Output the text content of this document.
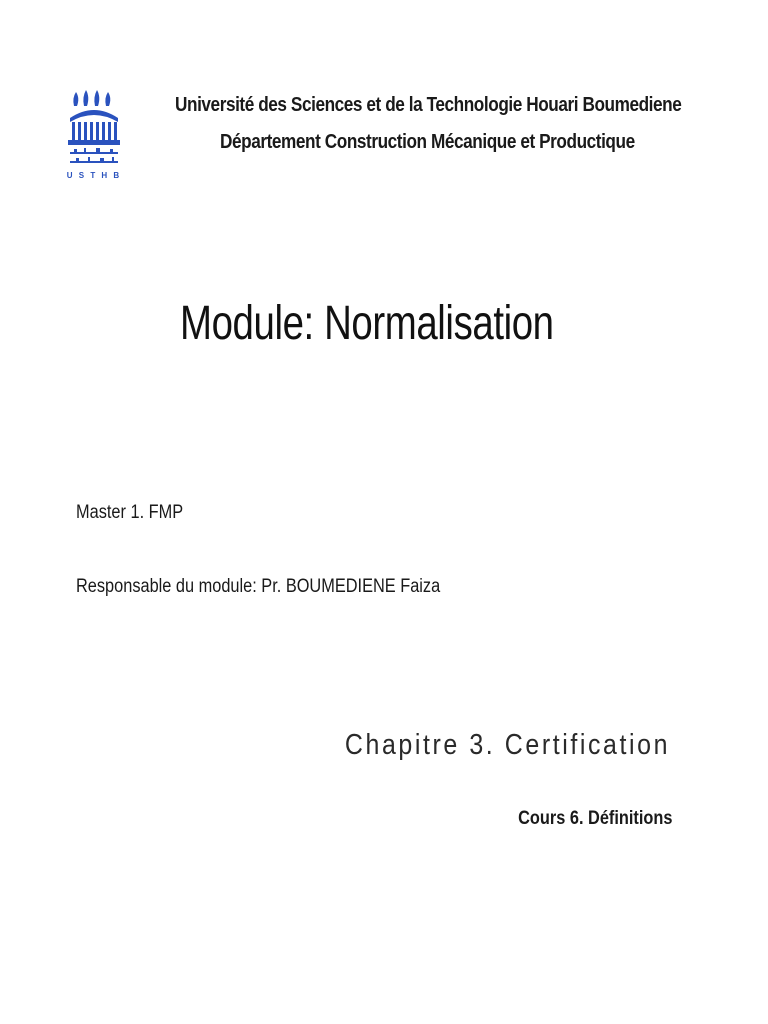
U S T H B
Université des Sciences et de la Technologie Houari Boumediene
Département Construction Mécanique et Productique
Module: Normalisation
Master 1. FMP
Responsable du module: Pr. BOUMEDIENE Faiza
Chapitre 3. Certification
Cours 6. Définitions
